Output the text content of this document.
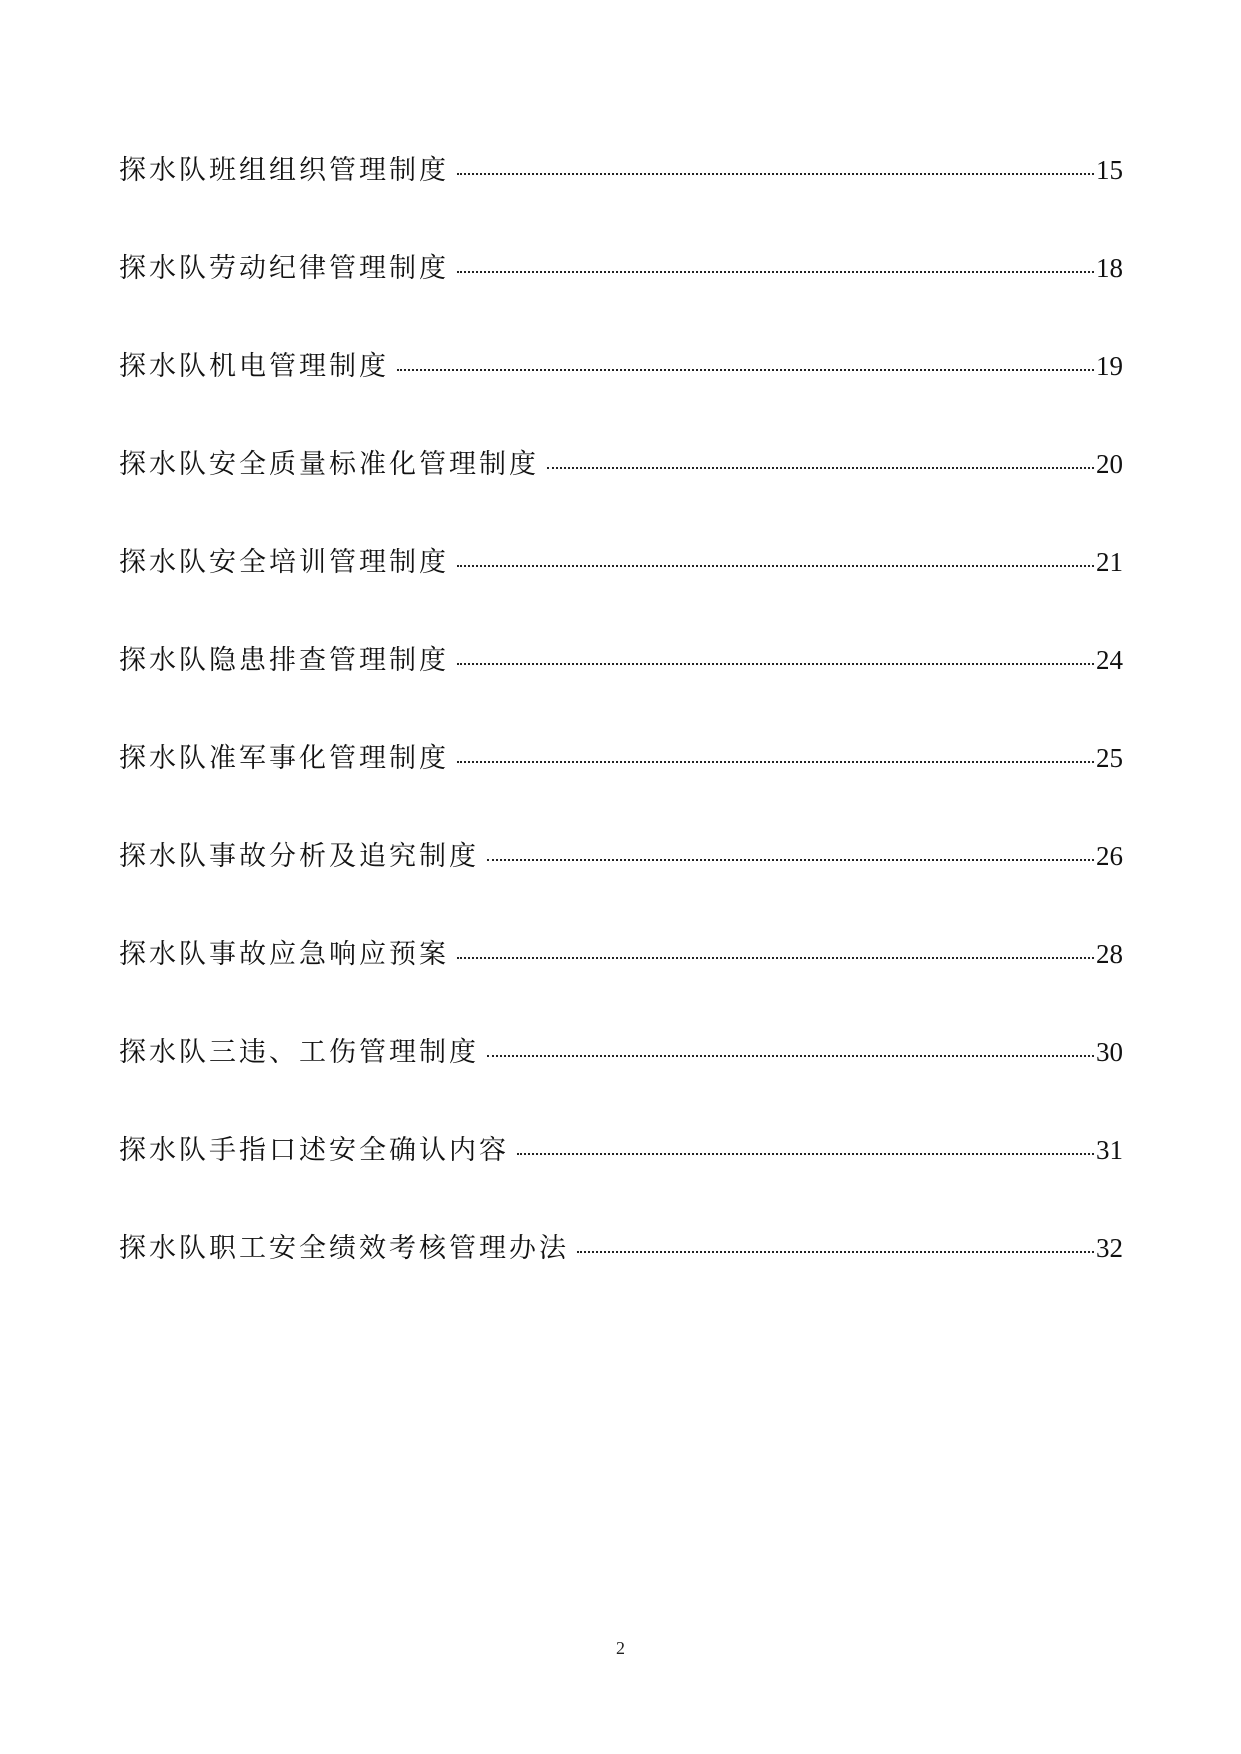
探水队班组组织管理制度	15
探水队劳动纪律管理制度	18
探水队机电管理制度	19
探水队安全质量标准化管理制度	20
探水队安全培训管理制度	21
探水队隐患排查管理制度	24
探水队准军事化管理制度	25
探水队事故分析及追究制度	26
探水队事故应急响应预案	28
探水队三违、工伤管理制度	30
探水队手指口述安全确认内容	31
探水队职工安全绩效考核管理办法	32
2
